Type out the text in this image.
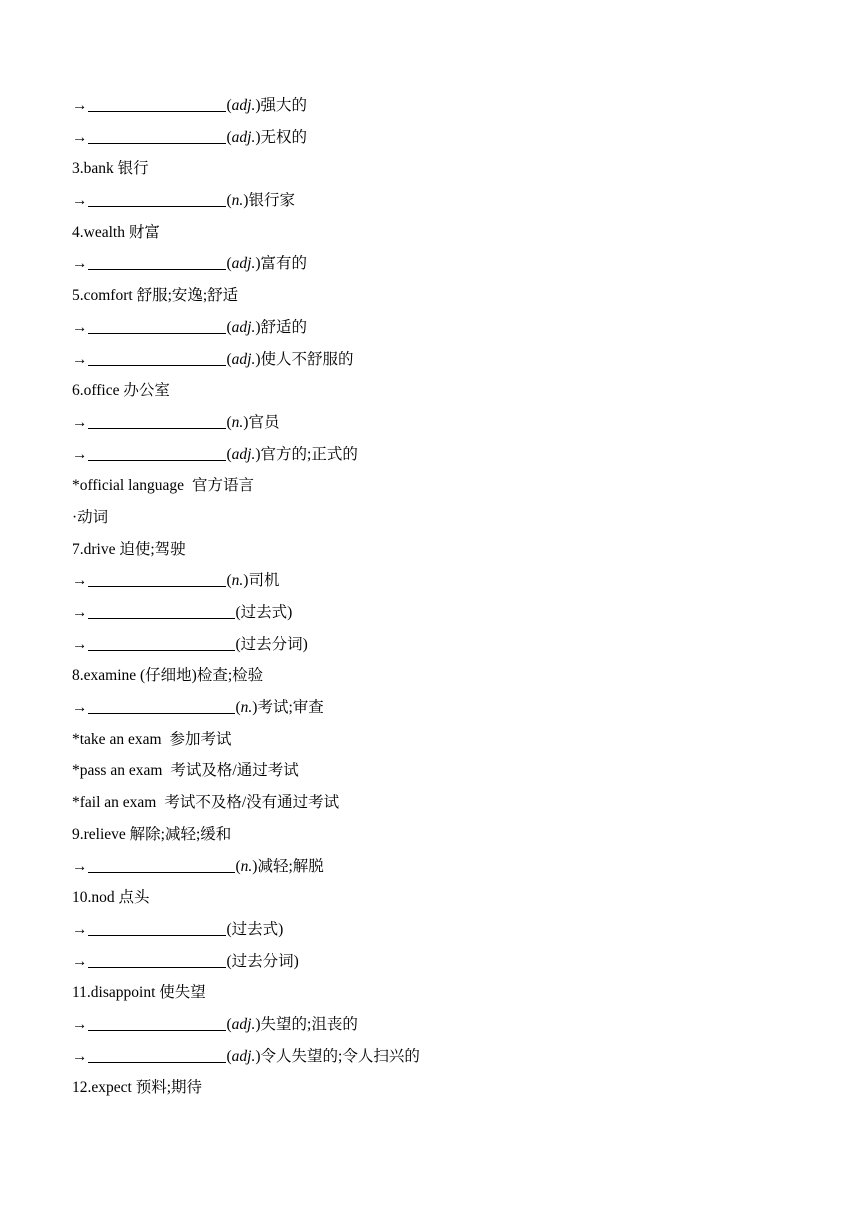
→	(adj.)强大的
→	(adj.)无权的
3.bank 银行
→	(n.)银行家
4.wealth 财富
→	(adj.)富有的
5.comfort 舒服;安逸;舒适
→	(adj.)舒适的
→	(adj.)使人不舒服的
6.office 办公室
→	(n.)官员
→	(adj.)官方的;正式的
*official language 官方语言
·动词
7.drive 迫使;驾驶
→	(n.)司机
→	(过去式)
→	(过去分词)
8.examine (仔细地)检查;检验
→	(n.)考试;审查
*take an exam 参加考试
*pass an exam 考试及格/通过考试
*fail an exam 考试不及格/没有通过考试
9.relieve 解除;减轻;缓和
→	(n.)减轻;解脱
10.nod 点头
→	(过去式)
→	(过去分词)
11.disappoint 使失望
→	(adj.)失望的;沮丧的
→	(adj.)令人失望的;令人扫兴的
12.expect 预料;期待
